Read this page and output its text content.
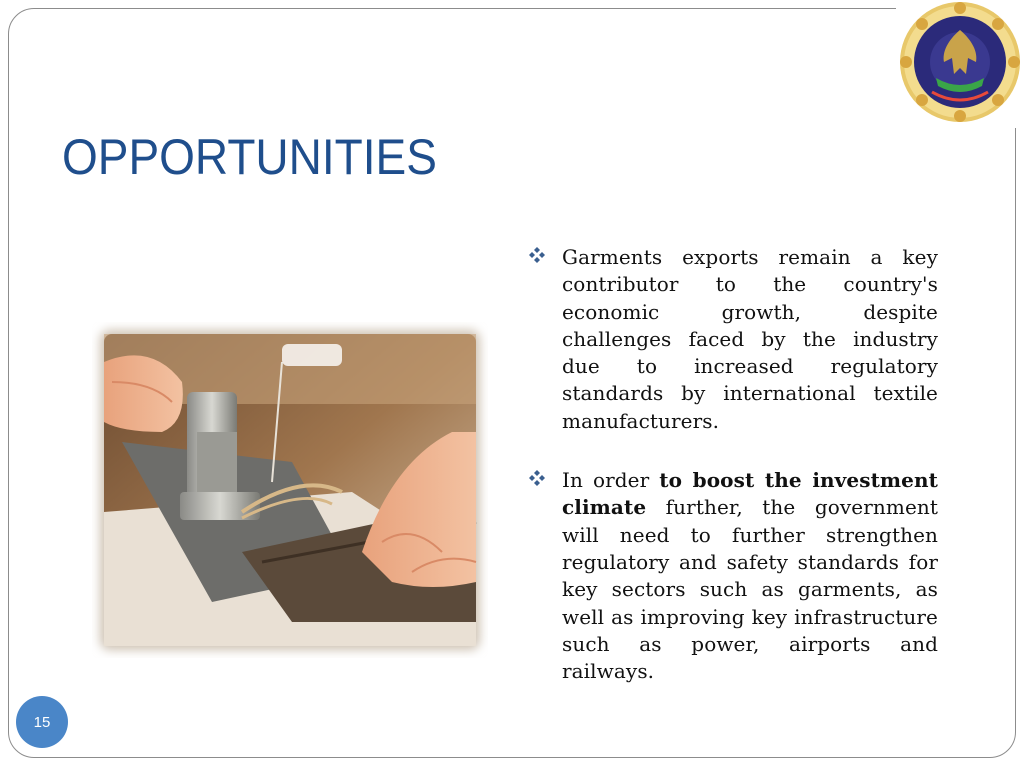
OPPORTUNITIES
Garments exports remain a key contributor to the country's economic growth, despite challenges faced by the industry due to increased regulatory standards by international textile manufacturers.
In order to boost the investment climate further, the government will need to further strengthen regulatory and safety standards for key sectors such as garments, as well as improving key infrastructure such as power, airports and railways.
15
